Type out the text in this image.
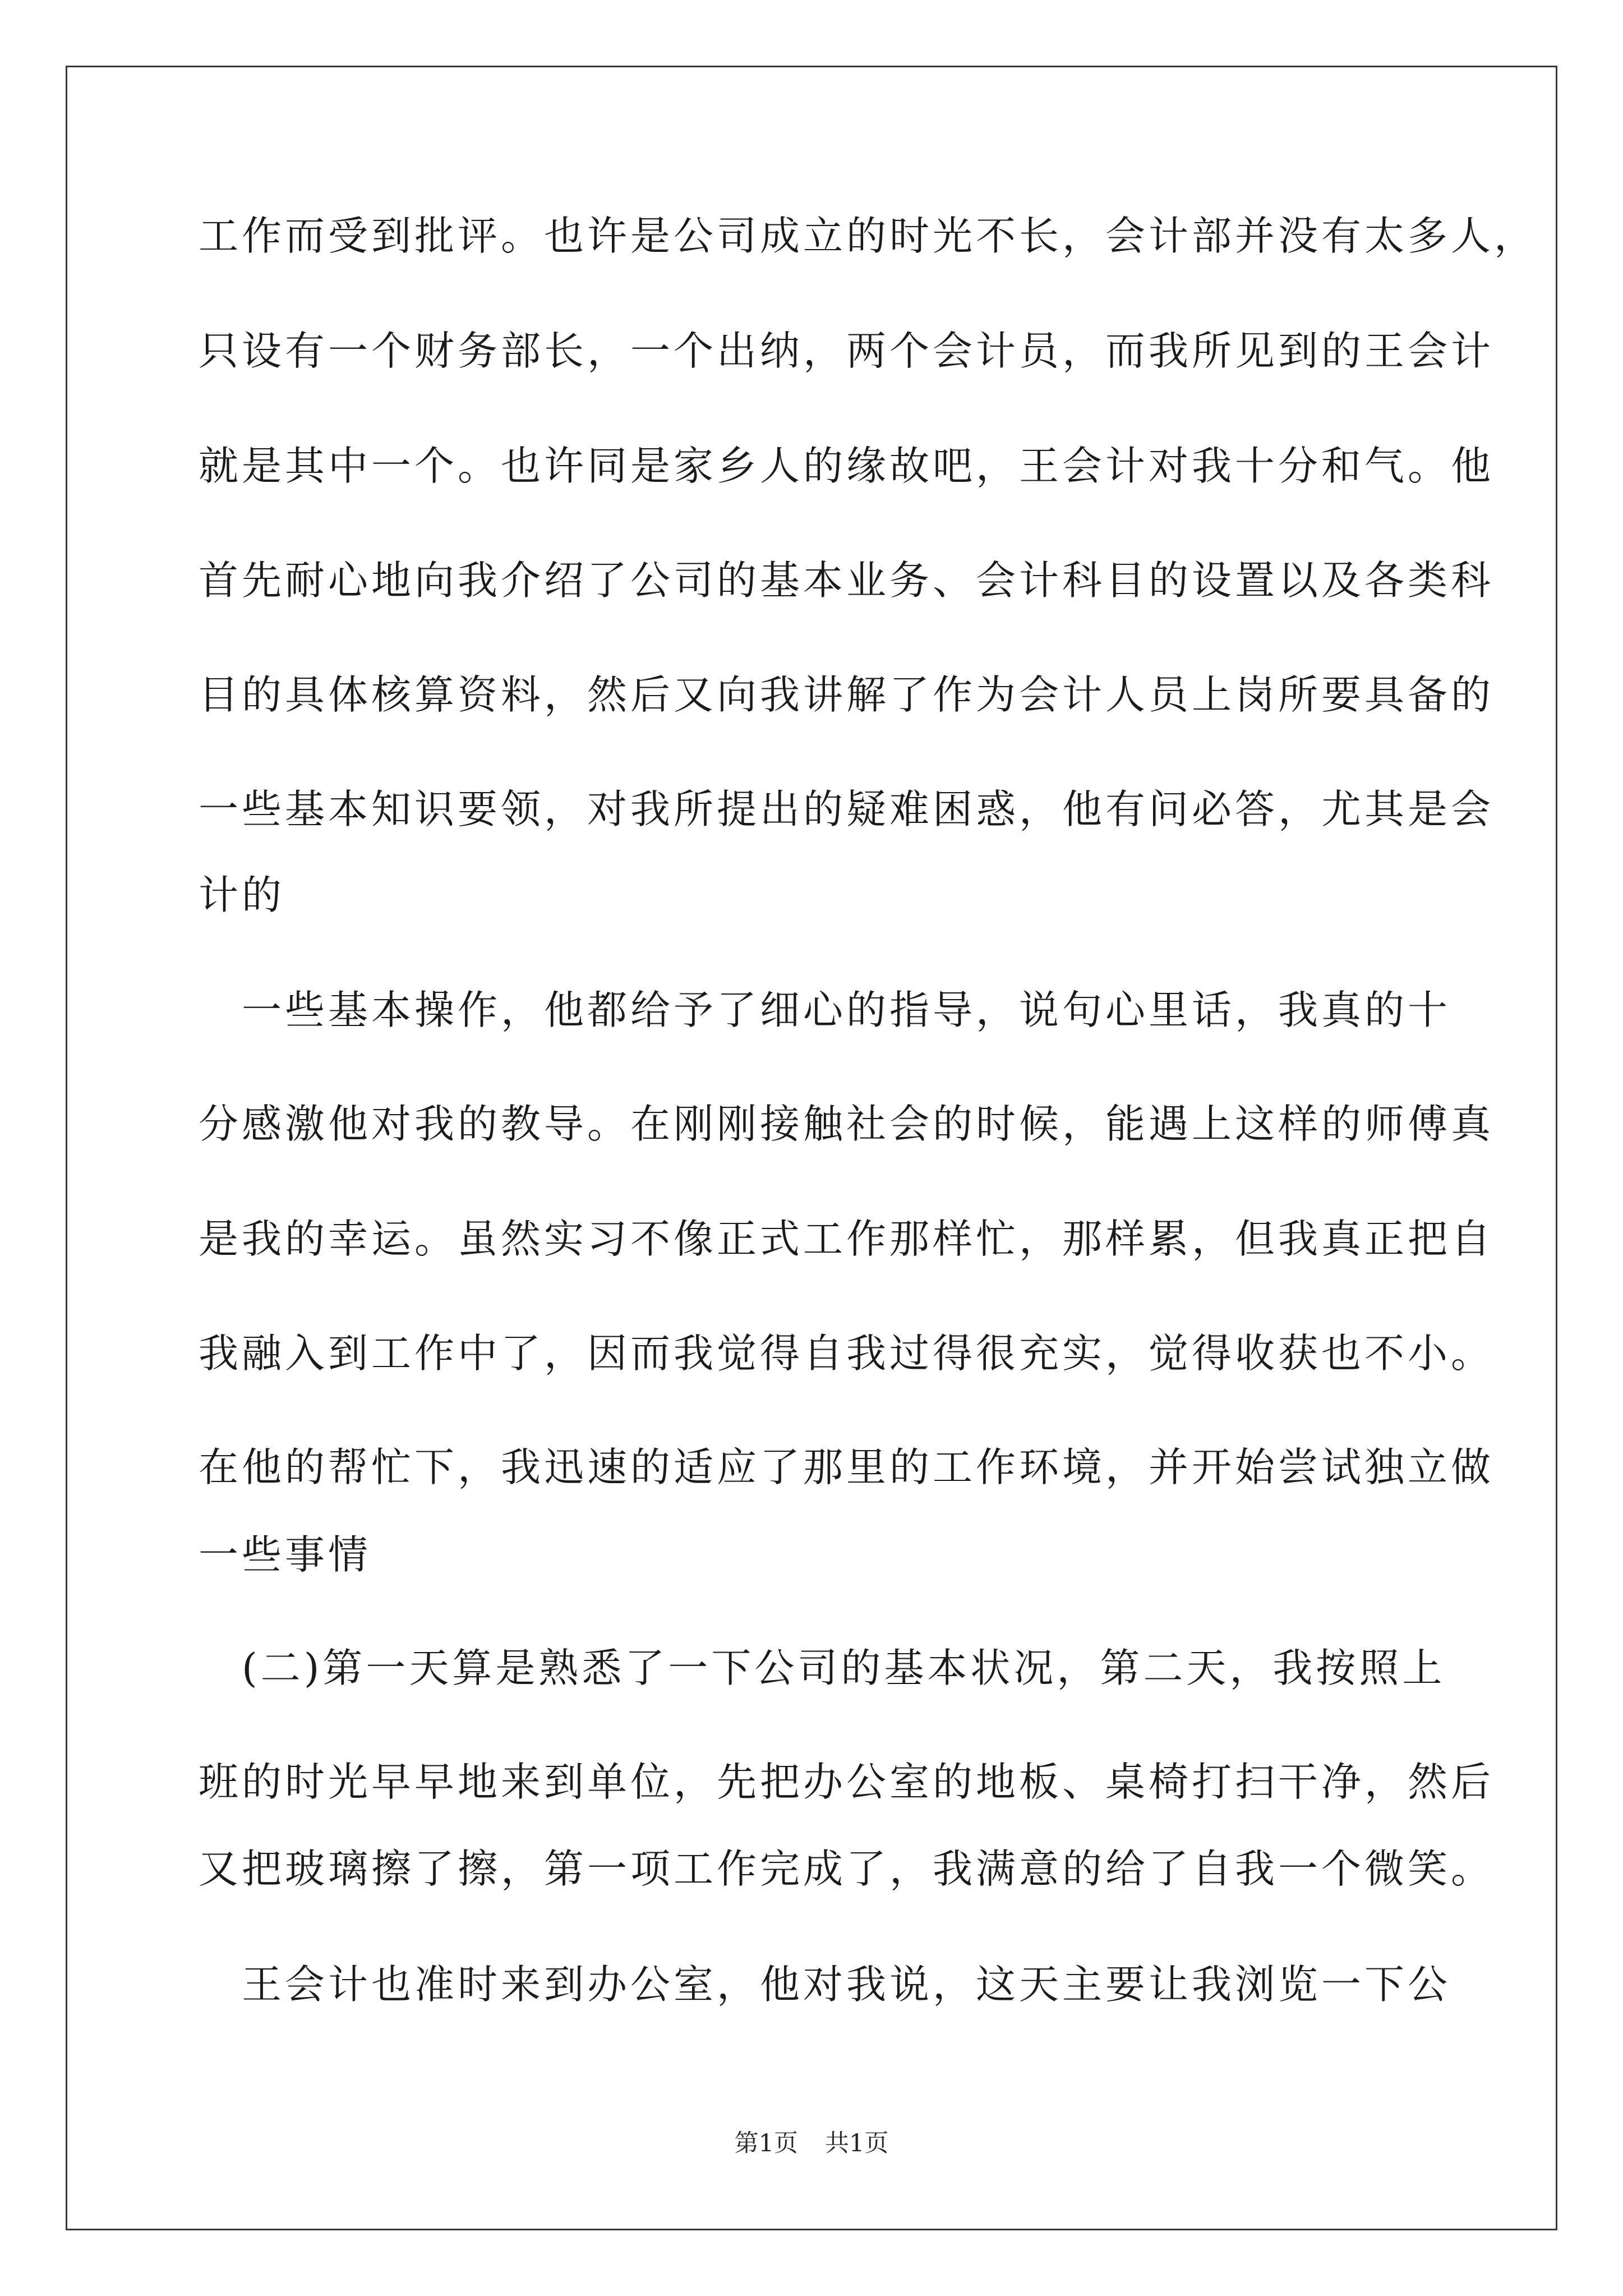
工作而受到批评。也许是公司成立的时光不长，会计部并没有太多人，
只设有一个财务部长，一个出纳，两个会计员，而我所见到的王会计
就是其中一个。也许同是家乡人的缘故吧，王会计对我十分和气。他
首先耐心地向我介绍了公司的基本业务、会计科目的设置以及各类科
目的具体核算资料，然后又向我讲解了作为会计人员上岗所要具备的
一些基本知识要领，对我所提出的疑难困惑，他有问必答，尤其是会
计的
　一些基本操作，他都给予了细心的指导，说句心里话，我真的十
分感激他对我的教导。在刚刚接触社会的时候，能遇上这样的师傅真
是我的幸运。虽然实习不像正式工作那样忙，那样累，但我真正把自
我融入到工作中了，因而我觉得自我过得很充实，觉得收获也不小。
在他的帮忙下，我迅速的适应了那里的工作环境，并开始尝试独立做
一些事情
　(二)第一天算是熟悉了一下公司的基本状况，第二天，我按照上
班的时光早早地来到单位，先把办公室的地板、桌椅打扫干净，然后
又把玻璃擦了擦，第一项工作完成了，我满意的给了自我一个微笑。
　王会计也准时来到办公室，他对我说，这天主要让我浏览一下公
第1页 共1页
